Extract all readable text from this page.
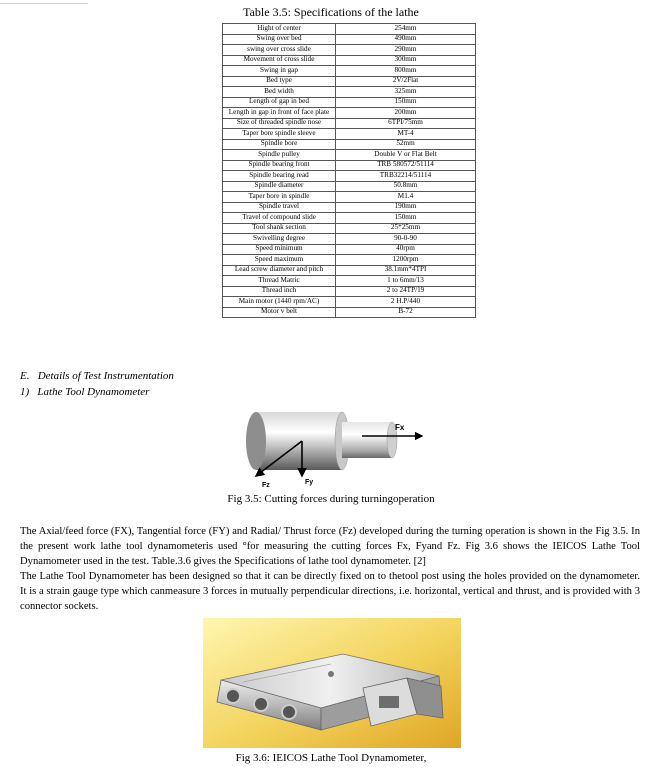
Table 3.5: Specifications of the lathe
Hight of center	254mm
Swing over bed	490mm
swing over cross slide	290mm
Movement of cross slide	300mm
Swing in gap	800mm
Bed type	2V/2Flat
Bed width	325mm
Length of gap in bed	150mm
Length in gap in front of face plate	200mm
Size of threaded spindle nose	6TPI/75mm
Taper bore spindle sleeve	MT-4
Spindle bore	52mm
Spindle pulley	Double V or Flat Belt
Spindle bearing front	TRB 580572/51114
Spindle bearing read	TRB32214/51114
Spindle diameter	50.8mm
Taper bore in spindle	M1.4
Spindle travel	190mm
Travel of compound slide	150mm
Tool shank section	25*25mm
Swivelling degree	90-0-90
Speed minimum	40rpm
Speed maximum	1200rpm
Lead screw diameter and pitch	38.1mm*4TPI
Thread Matric	1 to 6mm/13
Thread inch	2 to 24TP/19
Main motor (1440 rpm/AC)	2 H.P/440
Motor v belt	B-72
E.   Details of Test Instrumentation
1)   Lathe Tool Dynamometer
Fx
Fz	Fy
Fig 3.5: Cutting forces during turningoperation

The Axial/feed force (FX), Tangential force (FY) and Radial/ Thrust force (Fz) developed during the turning operation is shown in the Fig 3.5. In the present work lathe tool dynamometeris used °for measuring the cutting forces Fx, Fyand Fz. Fig 3.6 shows the IEICOS Lathe Tool Dynamometer used in the test. Table.3.6 gives the Specifications of lathe tool dynamometer. [2]

The Lathe Tool Dynamometer has been designed so that it can be directly fixed on to thetool post using the holes provided on the dynamometer. It is a strain gauge type which canmeasure 3 forces in mutually perpendicular directions, i.e. horizontal, vertical and thrust, and is provided with 3 connector sockets.

Fig 3.6: IEICOS Lathe Tool Dynamometer,
